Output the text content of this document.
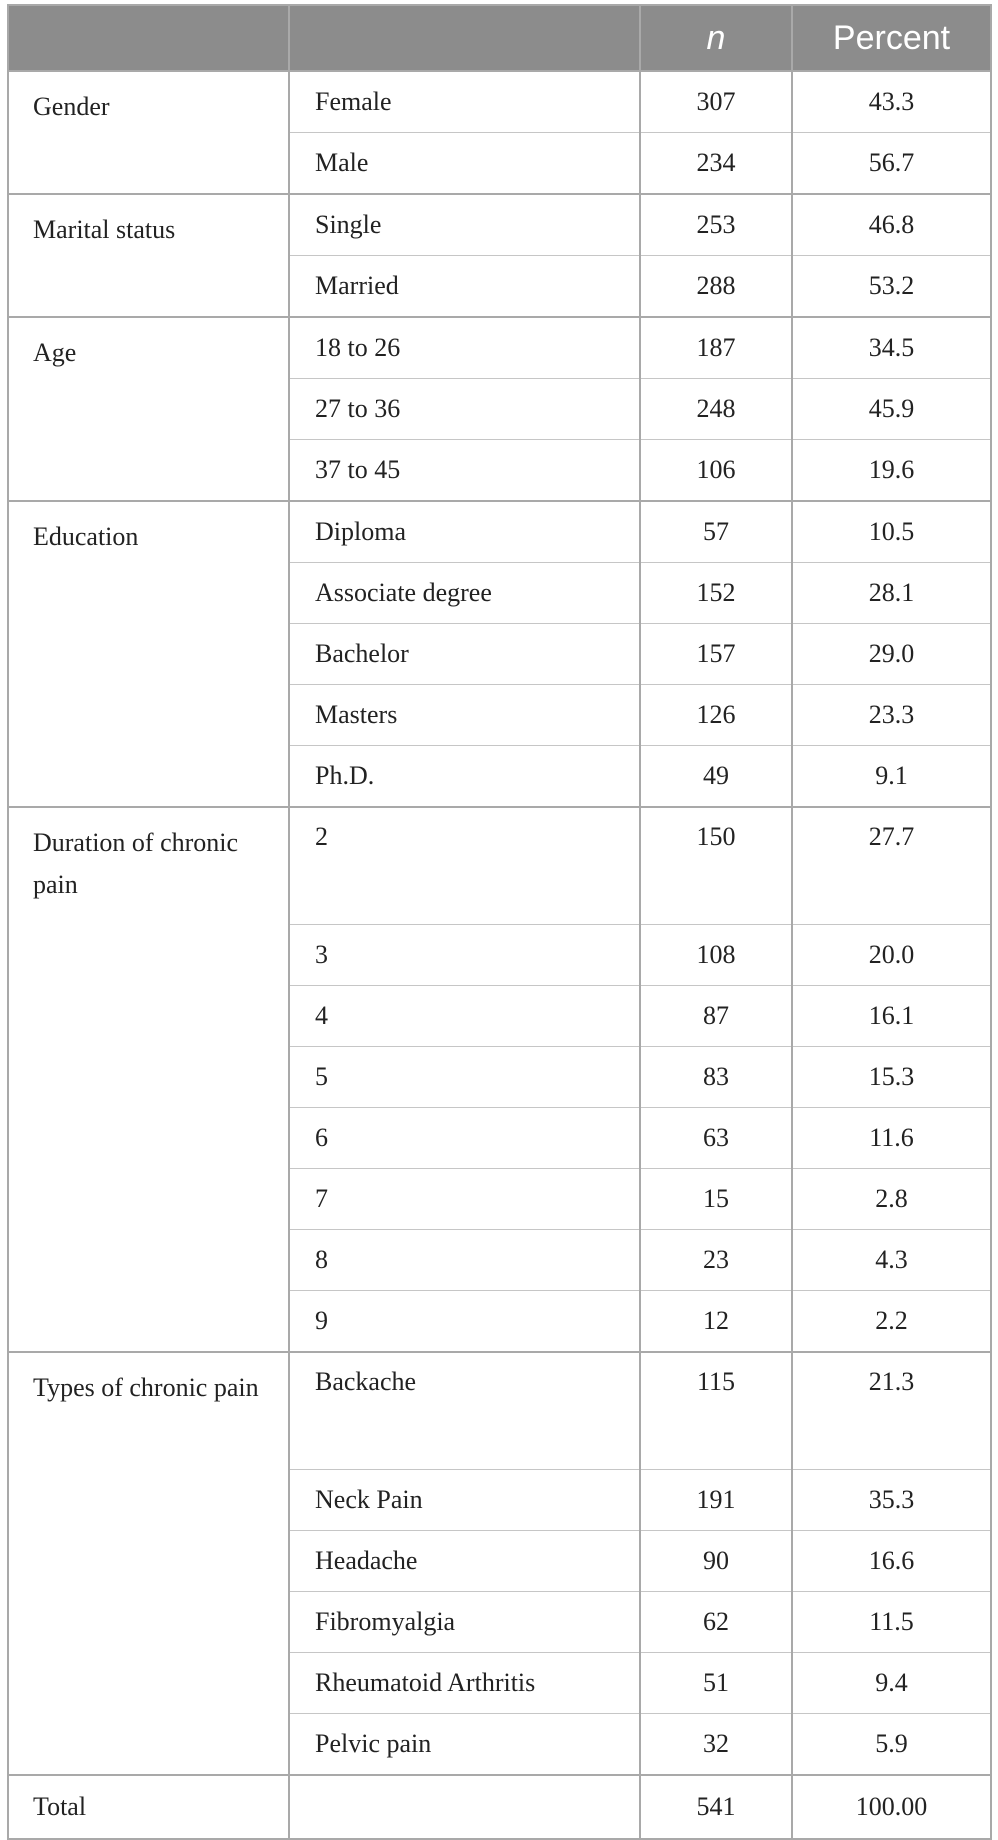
		n	Percent
Gender	Female	307	43.3
	Male	234	56.7
Marital status	Single	253	46.8
	Married	288	53.2
Age	18 to 26	187	34.5
	27 to 36	248	45.9
	37 to 45	106	19.6
Education	Diploma	57	10.5
	Associate degree	152	28.1
	Bachelor	157	29.0
	Masters	126	23.3
	Ph.D.	49	9.1
Duration of chronic pain	2	150	27.7
	3	108	20.0
	4	87	16.1
	5	83	15.3
	6	63	11.6
	7	15	2.8
	8	23	4.3
	9	12	2.2
Types of chronic pain	Backache	115	21.3
	Neck Pain	191	35.3
	Headache	90	16.6
	Fibromyalgia	62	11.5
	Rheumatoid Arthritis	51	9.4
	Pelvic pain	32	5.9
Total		541	100.00
